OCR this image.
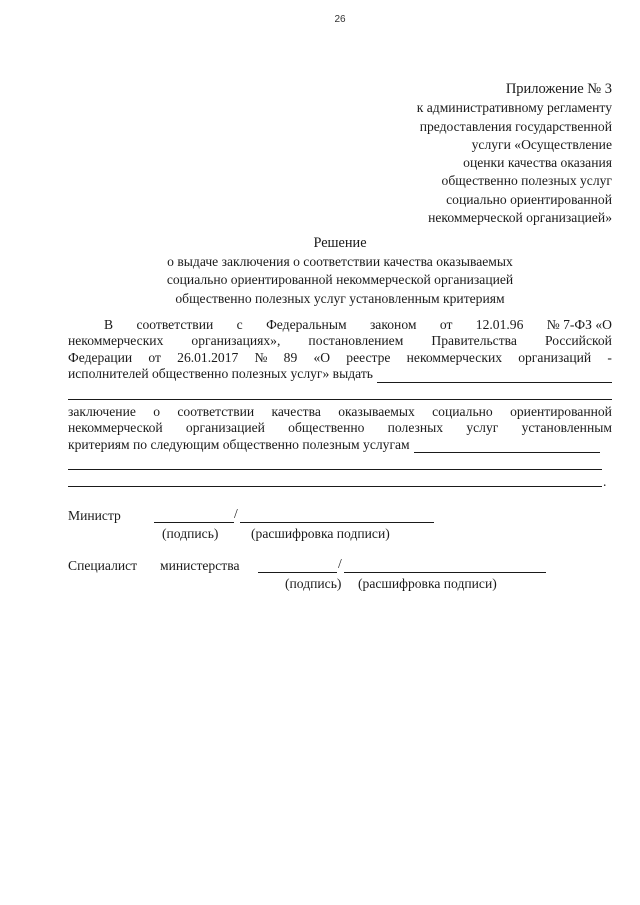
26
Приложение № 3
к административному регламенту
предоставления государственной
услуги «Осуществление
оценки качества оказания
общественно полезных услуг
социально ориентированной
некоммерческой организацией»
Решение
о выдаче заключения о соответствии качества оказываемых
социально ориентированной некоммерческой организацией
общественно полезных услуг установленным критериям
В соответствии с Федеральным законом от 12.01.96 № 7-ФЗ «О
некоммерческих организациях», постановлением Правительства Российской
Федерации от 26.01.2017 № 89 «О реестре некоммерческих организаций -
исполнителей общественно полезных услуг» выдать
заключение о соответствии качества оказываемых социально ориентированной
некоммерческой организацией общественно полезных услуг установленным
критериям по следующим общественно полезным услугам
.
Министр	/
(подпись) (расшифровка подписи)
Специалист министерства	/
(подпись) (расшифровка подписи)
